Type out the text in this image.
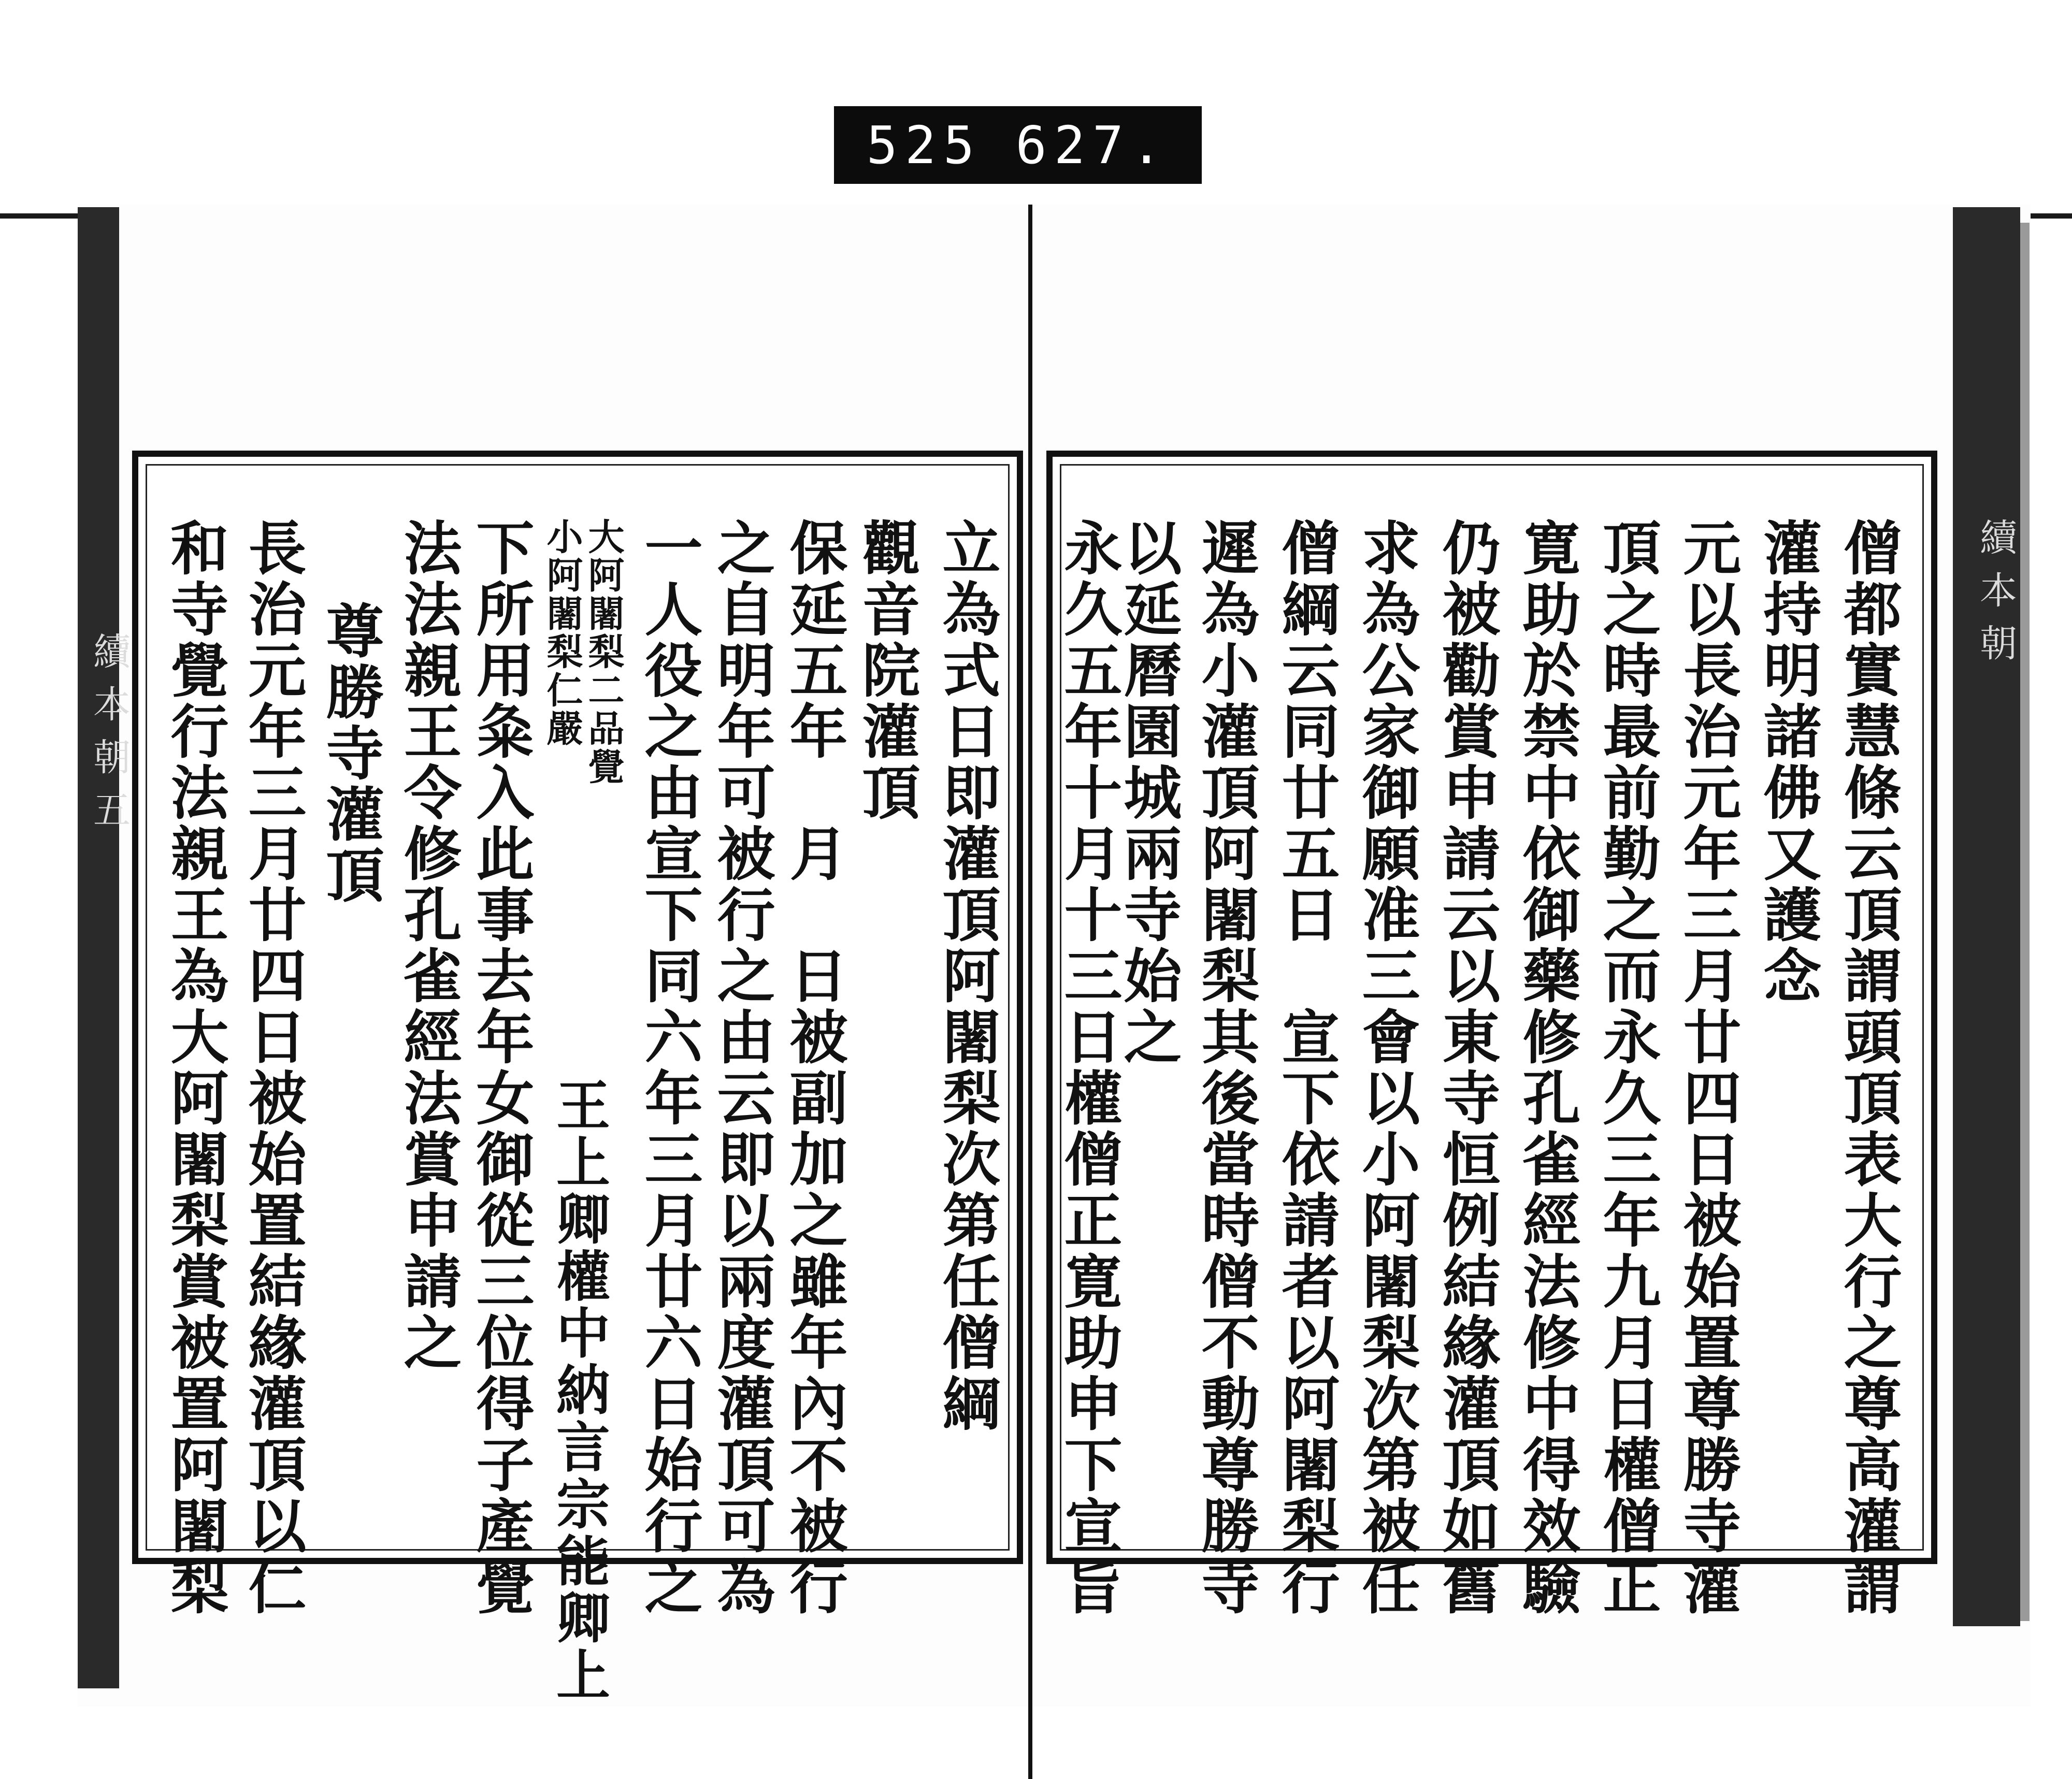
525 627.
續本朝五
續本朝
僧都實慧條云頂謂頭頂表大行之尊高灌謂
灌持明諸佛又護念
元以長治元年三月廿四日被始置尊勝寺灌
頂之時最前勤之而永久三年九月日權僧正
寛助於禁中依御藥修孔雀經法修中得效驗
仍被勸賞申請云以東寺恒例結緣灌頂如舊
求為公家御願准三會以小阿闍梨次第被任
僧綱云同廿五日　宣下依請者以阿闍梨行
遲為小灌頂阿闍梨其後當時僧不動尊勝寺
以延曆園城兩寺始之
永久五年十月十三日權僧正寛助申下宣旨
立為式日即灌頂阿闍梨次第任僧綱
觀音院灌頂
保延五年　月　日被副加之雖年內不被行
之自明年可被行之由云即以兩度灌頂可為
一人役之由宣下同六年三月廿六日始行之
大阿闍梨二品覺
小阿闍梨仁嚴
　　王上卿權中納言宗能卿上
下所用粂入此事去年女御從三位得子產覺
法法親王令修孔雀經法賞申請之
尊勝寺灌頂
長治元年三月廿四日被始置結緣灌頂以仁
和寺覺行法親王為大阿闍梨賞被置阿闍梨
